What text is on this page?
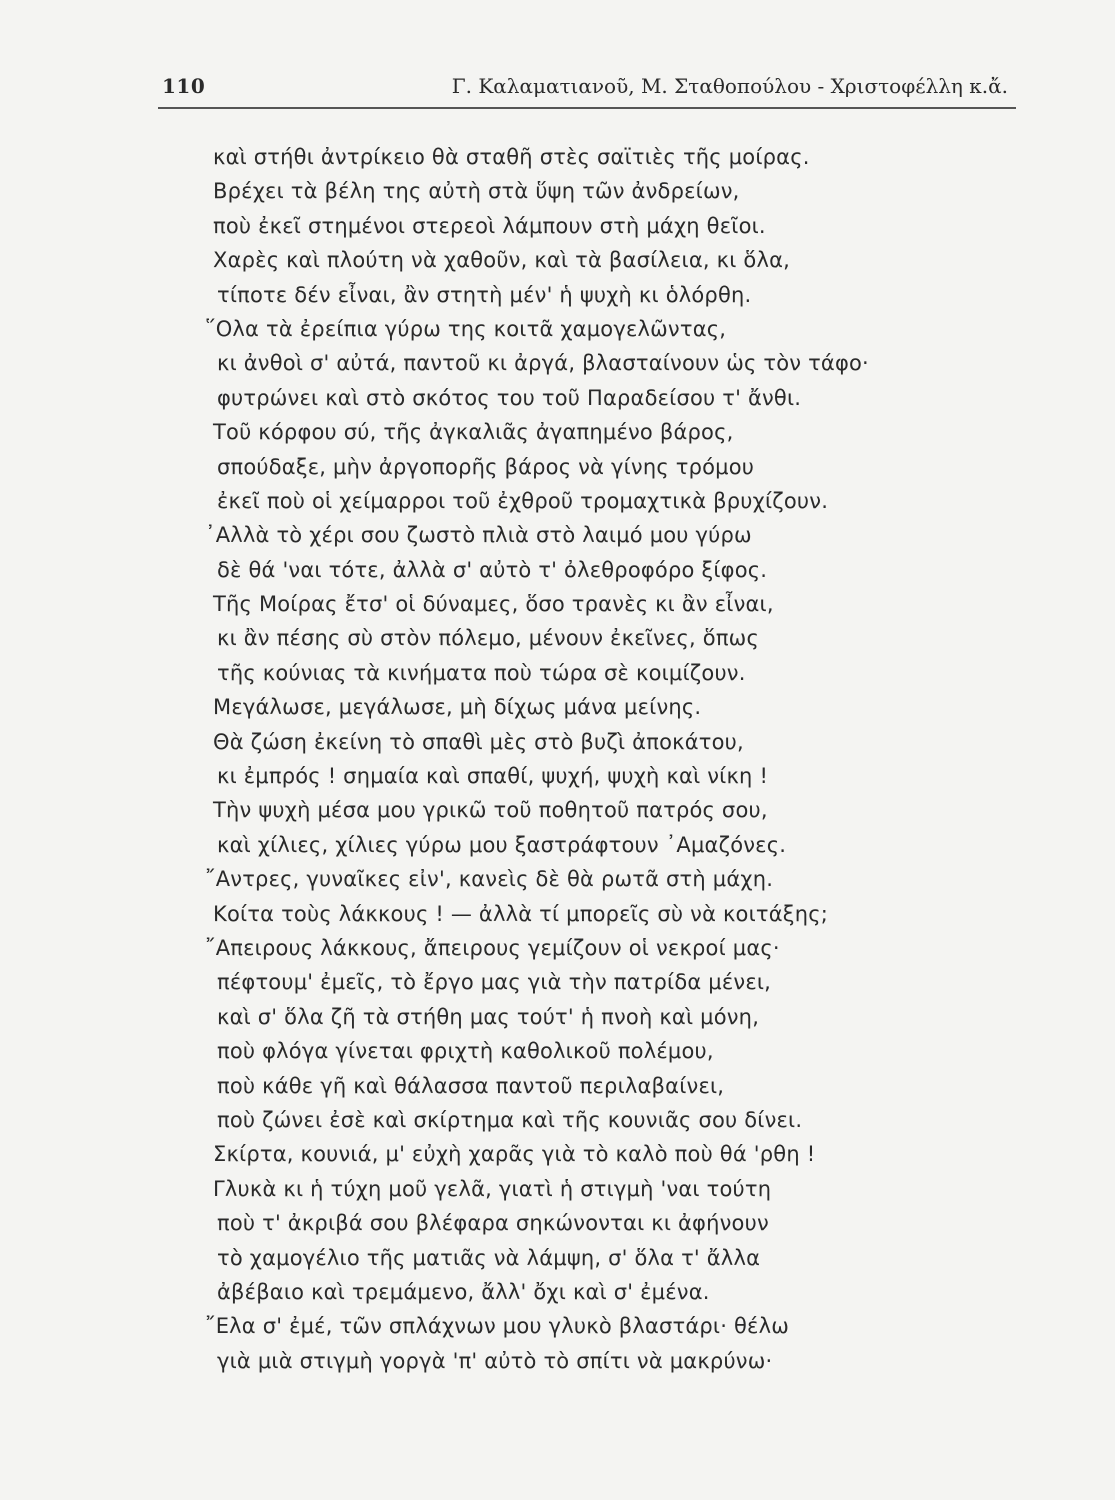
110	Γ. Καλαματιανοῦ, Μ. Σταθοπούλου - Χριστοφέλλη κ.ἄ.
καὶ στήθι ἀντρίκειο θὰ σταθῆ στὲς σαϊτιὲς τῆς μοίρας.
Βρέχει τὰ βέλη της αὐτὴ στὰ ὕψη τῶν ἀνδρείων,
ποὺ ἐκεῖ στημένοι στερεοὶ λάμπουν στὴ μάχη θεῖοι.
Χαρὲς καὶ πλούτη νὰ χαθοῦν, καὶ τὰ βασίλεια, κι ὅλα,
τίποτε δέν εἶναι, ἂν στητὴ μέν' ἡ ψυχὴ κι ὁλόρθη.
῞Ολα τὰ ἐρείπια γύρω της κοιτᾶ χαμογελῶντας,
κι ἀνθοὶ σ' αὐτά, παντοῦ κι ἀργά, βλασταίνουν ὡς τὸν τάφο·
φυτρώνει καὶ στὸ σκότος του τοῦ Παραδείσου τ' ἄνθι.
Τοῦ κόρφου σύ, τῆς ἀγκαλιᾶς ἀγαπημένο βάρος,
σπούδαξε, μὴν ἀργοπορῆς βάρος νὰ γίνης τρόμου
ἐκεῖ ποὺ οἱ χείμαρροι τοῦ ἐχθροῦ τρομαχτικὰ βρυχίζουν.
᾿Αλλὰ τὸ χέρι σου ζωστὸ πλιὰ στὸ λαιμό μου γύρω
δὲ θά 'ναι τότε, ἀλλὰ σ' αὐτὸ τ' ὀλεθροφόρο ξίφος.
Τῆς Μοίρας ἔτσ' οἱ δύναμες, ὅσο τρανὲς κι ἂν εἶναι,
κι ἂν πέσης σὺ στὸν πόλεμο, μένουν ἐκεῖνες, ὅπως
τῆς κούνιας τὰ κινήματα ποὺ τώρα σὲ κοιμίζουν.
Μεγάλωσε, μεγάλωσε, μὴ δίχως μάνα μείνης.
Θὰ ζώση ἐκείνη τὸ σπαθὶ μὲς στὸ βυζὶ ἀποκάτου,
κι ἐμπρός ! σημαία καὶ σπαθί, ψυχή, ψυχὴ καὶ νίκη !
Τὴν ψυχὴ μέσα μου γρικῶ τοῦ ποθητοῦ πατρός σου,
καὶ χίλιες, χίλιες γύρω μου ξαστράφτουν ᾿Αμαζόνες.
῎Αντρες, γυναῖκες εἰν', κανεὶς δὲ θὰ ρωτᾶ στὴ μάχη.
Κοίτα τοὺς λάκκους ! — ἀλλὰ τί μπορεῖς σὺ νὰ κοιτάξης;
῎Απειρους λάκκους, ἄπειρους γεμίζουν οἱ νεκροί μας·
πέφτουμ' ἐμεῖς, τὸ ἔργο μας γιὰ τὴν πατρίδα μένει,
καὶ σ' ὅλα ζῆ τὰ στήθη μας τούτ' ἡ πνοὴ καὶ μόνη,
ποὺ φλόγα γίνεται φριχτὴ καθολικοῦ πολέμου,
ποὺ κάθε γῆ καὶ θάλασσα παντοῦ περιλαβαίνει,
ποὺ ζώνει ἐσὲ καὶ σκίρτημα καὶ τῆς κουνιᾶς σου δίνει.
Σκίρτα, κουνιά, μ' εὐχὴ χαρᾶς γιὰ τὸ καλὸ ποὺ θά 'ρθη !
Γλυκὰ κι ἡ τύχη μοῦ γελᾶ, γιατὶ ἡ στιγμὴ 'ναι τούτη
ποὺ τ' ἀκριβά σου βλέφαρα σηκώνονται κι ἀφήνουν
τὸ χαμογέλιο τῆς ματιᾶς νὰ λάμψη, σ' ὅλα τ' ἄλλα
ἀβέβαιο καὶ τρεμάμενο, ἄλλ' ὄχι καὶ σ' ἐμένα.
῎Ελα σ' ἐμέ, τῶν σπλάχνων μου γλυκὸ βλαστάρι· θέλω
γιὰ μιὰ στιγμὴ γοργὰ 'π' αὐτὸ τὸ σπίτι νὰ μακρύνω·
